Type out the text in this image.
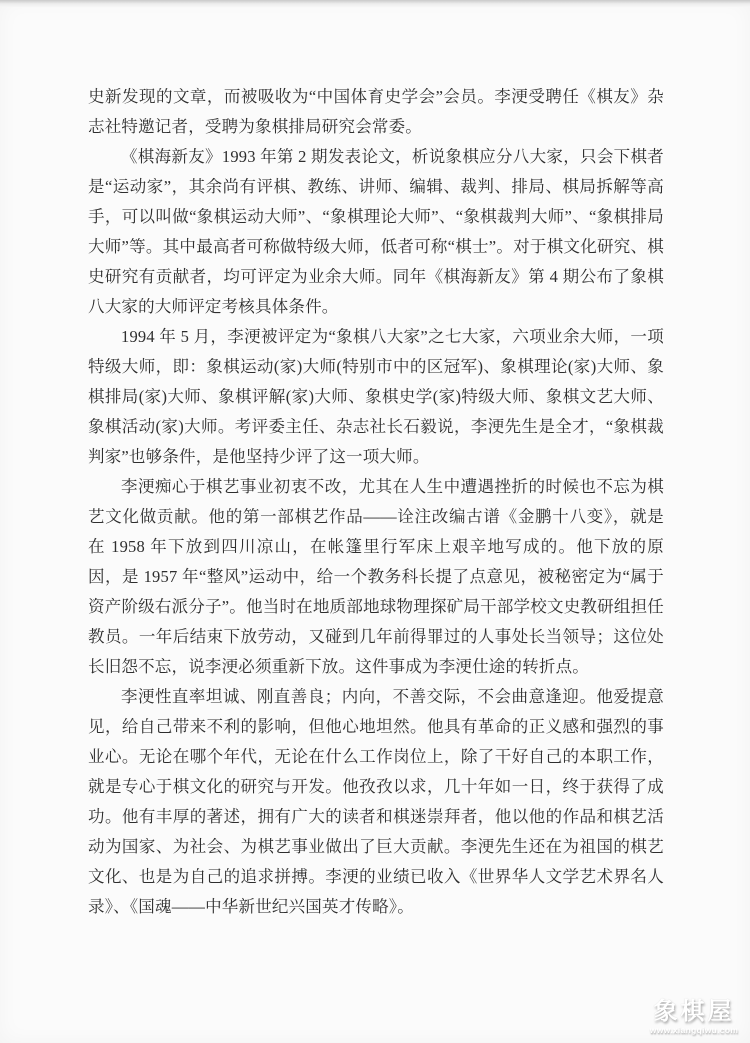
史新发现的文章，而被吸收为“中国体育史学会”会员。李浭受聘任《棋友》杂志社特邀记者，受聘为象棋排局研究会常委。

《棋海新友》1993 年第 2 期发表论文，析说象棋应分八大家，只会下棋者是“运动家”，其余尚有评棋、教练、讲师、编辑、裁判、排局、棋局拆解等高手，可以叫做“象棋运动大师”、“象棋理论大师”、“象棋裁判大师”、“象棋排局大师”等。其中最高者可称做特级大师，低者可称“棋士”。对于棋文化研究、棋史研究有贡献者，均可评定为业余大师。同年《棋海新友》第 4 期公布了象棋八大家的大师评定考核具体条件。

1994 年 5 月，李浭被评定为“象棋八大家”之七大家，六项业余大师，一项特级大师，即：象棋运动(家)大师(特别市中的区冠军)、象棋理论(家)大师、象棋排局(家)大师、象棋评解(家)大师、象棋史学(家)特级大师、象棋文艺大师、象棋活动(家)大师。考评委主任、杂志社长石毅说，李浭先生是全才，“象棋裁判家”也够条件，是他坚持少评了这一项大师。

李浭痴心于棋艺事业初衷不改，尤其在人生中遭遇挫折的时候也不忘为棋艺文化做贡献。他的第一部棋艺作品——诠注改编古谱《金鹏十八变》，就是在 1958 年下放到四川凉山，在帐篷里行军床上艰辛地写成的。他下放的原因，是 1957 年“整风”运动中，给一个教务科长提了点意见，被秘密定为“属于资产阶级右派分子”。他当时在地质部地球物理探矿局干部学校文史教研组担任教员。一年后结束下放劳动，又碰到几年前得罪过的人事处长当领导；这位处长旧怨不忘，说李浭必须重新下放。这件事成为李浭仕途的转折点。

李浭性直率坦诚、刚直善良；内向，不善交际，不会曲意逢迎。他爱提意见，给自己带来不利的影响，但他心地坦然。他具有革命的正义感和强烈的事业心。无论在哪个年代，无论在什么工作岗位上，除了干好自己的本职工作，就是专心于棋文化的研究与开发。他孜孜以求，几十年如一日，终于获得了成功。他有丰厚的著述，拥有广大的读者和棋迷崇拜者，他以他的作品和棋艺活动为国家、为社会、为棋艺事业做出了巨大贡献。李浭先生还在为祖国的棋艺文化、也是为自己的追求拼搏。李浭的业绩已收入《世界华人文学艺术界名人录》、《国魂——中华新世纪兴国英才传略》。

象棋屋
www.xiangqiwu.com
